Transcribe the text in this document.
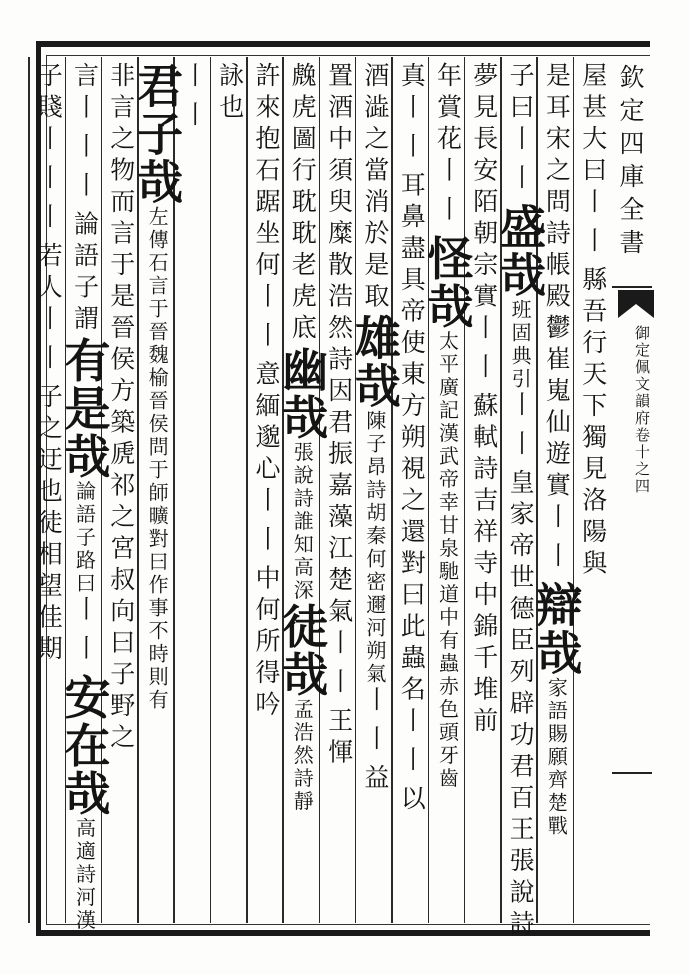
欽定四庫全書
御定佩文韻府
卷十之四
屋甚大曰丨丨縣吾行天下獨見洛陽與
是耳宋之問詩帳殿鬱崔嵬仙遊實丨丨辯哉家語賜願齊楚戰
子曰丨丨盛哉班固典引丨丨皇家帝世德臣列辟功君百王張說詩
夢見長安陌朝宗實丨丨蘇軾詩吉祥寺中錦千堆前
年賞花丨丨怪哉太平廣記漢武帝幸甘泉馳道中有蟲赤色頭牙齒
真丨丨耳鼻盡具帝使東方朔視之還對曰此蟲名丨丨以
酒澁之當消於是取雄哉陳子昂詩胡秦何密邇河朔氣丨丨益
置酒中須臾糜散浩然詩因君振嘉藻江楚氣丨丨王惲
䖘虎圖行耽耽老虎底幽哉張說詩誰知高深徒哉孟浩然詩靜
許來抱石踞坐何丨丨意緬邈心丨丨中何所得吟
詠也
丨丨
君子哉左傳石言于晉魏榆晉侯問于師曠對曰作事不時則有
非言之物而言于是晉侯方築虒祁之宮叔向曰子野之
言丨丨丨論語子謂有是哉論語子路曰丨丨安在哉高適詩河漢
子賤丨丨丨若人丨丨子之迂也徒相望佳期
